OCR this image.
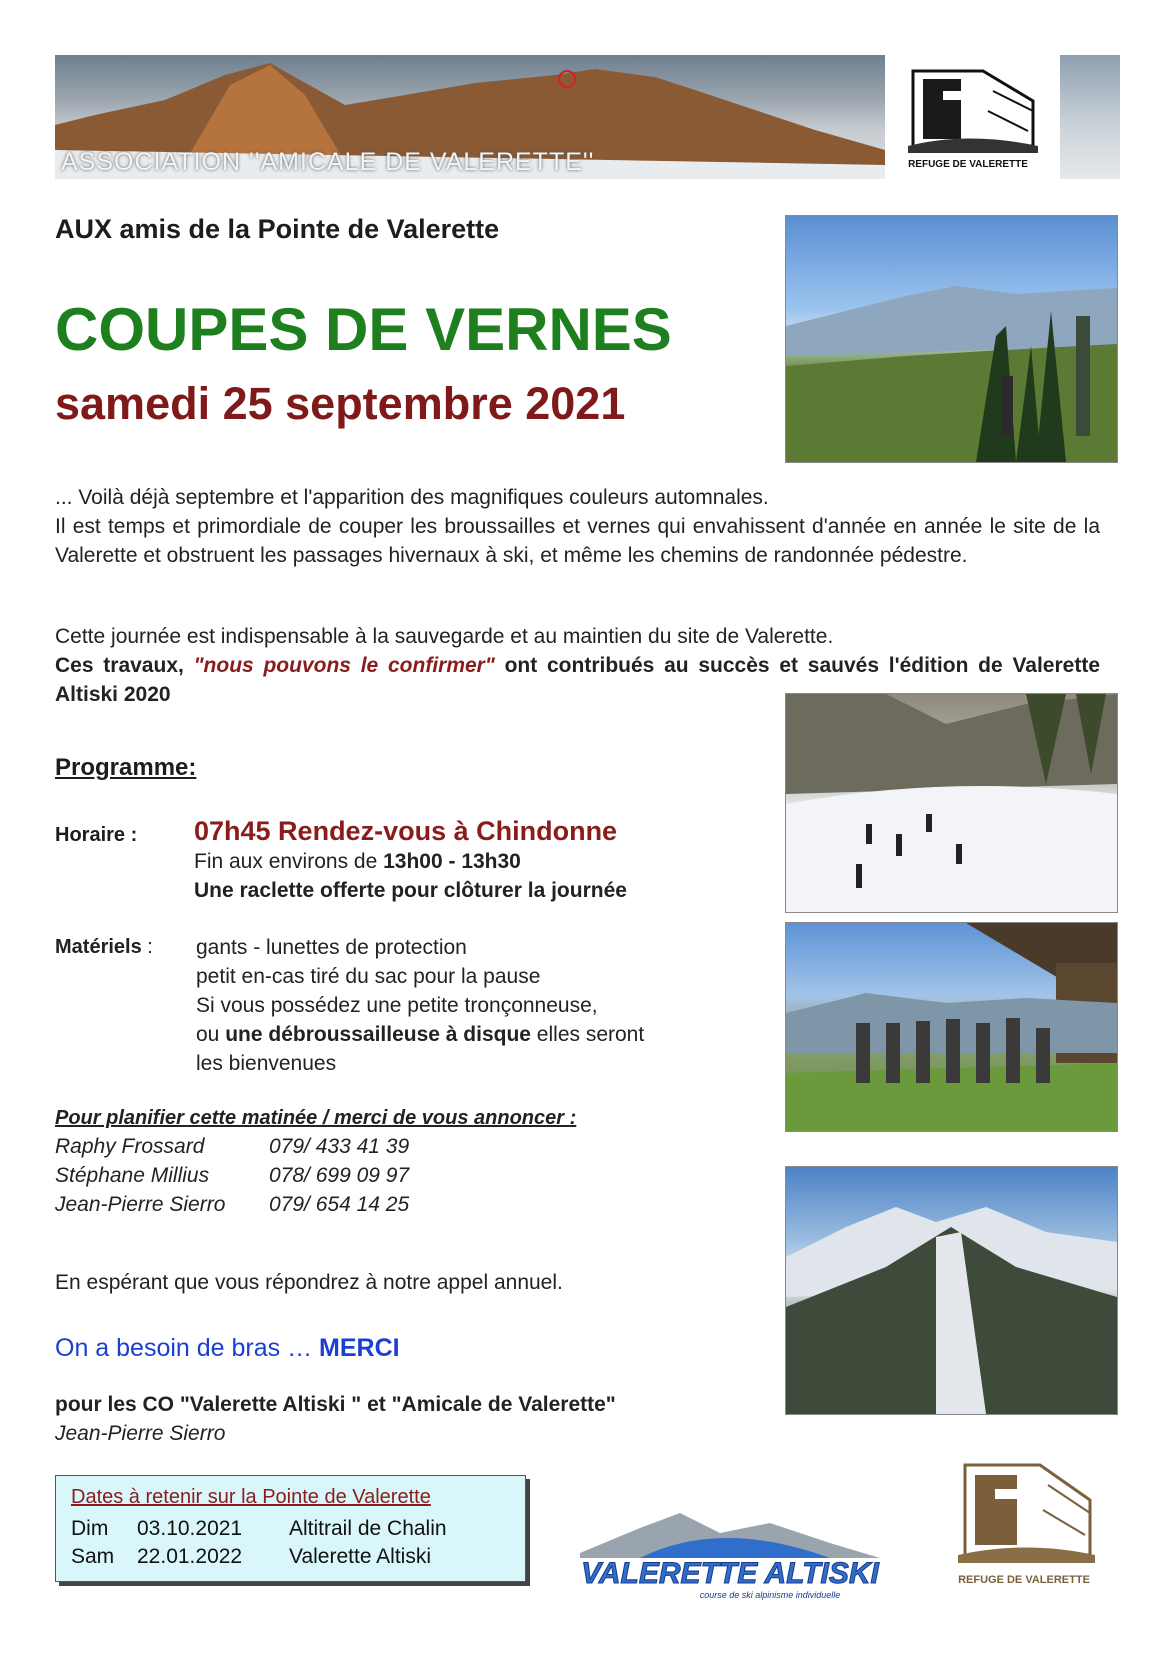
ASSOCIATION ''AMICALE DE VALERETTE''	REFUGE DE VALERETTE
AUX amis de la Pointe de Valerette
COUPES DE VERNES
samedi 25 septembre 2021
... Voilà déjà septembre et l'apparition des magnifiques couleurs automnales.
Il est temps et primordiale de couper les broussailles et vernes qui envahissent d'année en année le site de la Valerette et obstruent les passages hivernaux à ski, et même les chemins de randonnée pédestre.
Cette journée est indispensable à la sauvegarde et au maintien du site de Valerette.
Ces travaux, "nous pouvons le confirmer" ont contribués au succès et sauvés l'édition de Valerette Altiski 2020
Programme:
Horaire : 07h45 Rendez-vous à Chindonne
Fin aux environs de 13h00 - 13h30
Une raclette offerte pour clôturer la journée
Matériels : gants - lunettes de protection
petit en-cas tiré du sac pour la pause
Si vous possédez une petite tronçonneuse,
ou une débroussailleuse à disque elles seront
les bienvenues
Pour planifier cette matinée / merci de vous annoncer :
Raphy Frossard	079/ 433 41 39
Stéphane Millius	078/ 699 09 97
Jean-Pierre Sierro 079/ 654 14 25
En espérant que vous répondrez à notre appel annuel.
On a besoin de bras … MERCI
pour les CO "Valerette Altiski " et "Amicale de Valerette"
Jean-Pierre Sierro
Dates à retenir sur la Pointe de Valerette
Dim 03.10.2021 Altitrail de Chalin
Sam 22.01.2022 Valerette Altiski
VALERETTE ALTISKI
course de ski alpinisme individuelle
REFUGE DE VALERETTE
